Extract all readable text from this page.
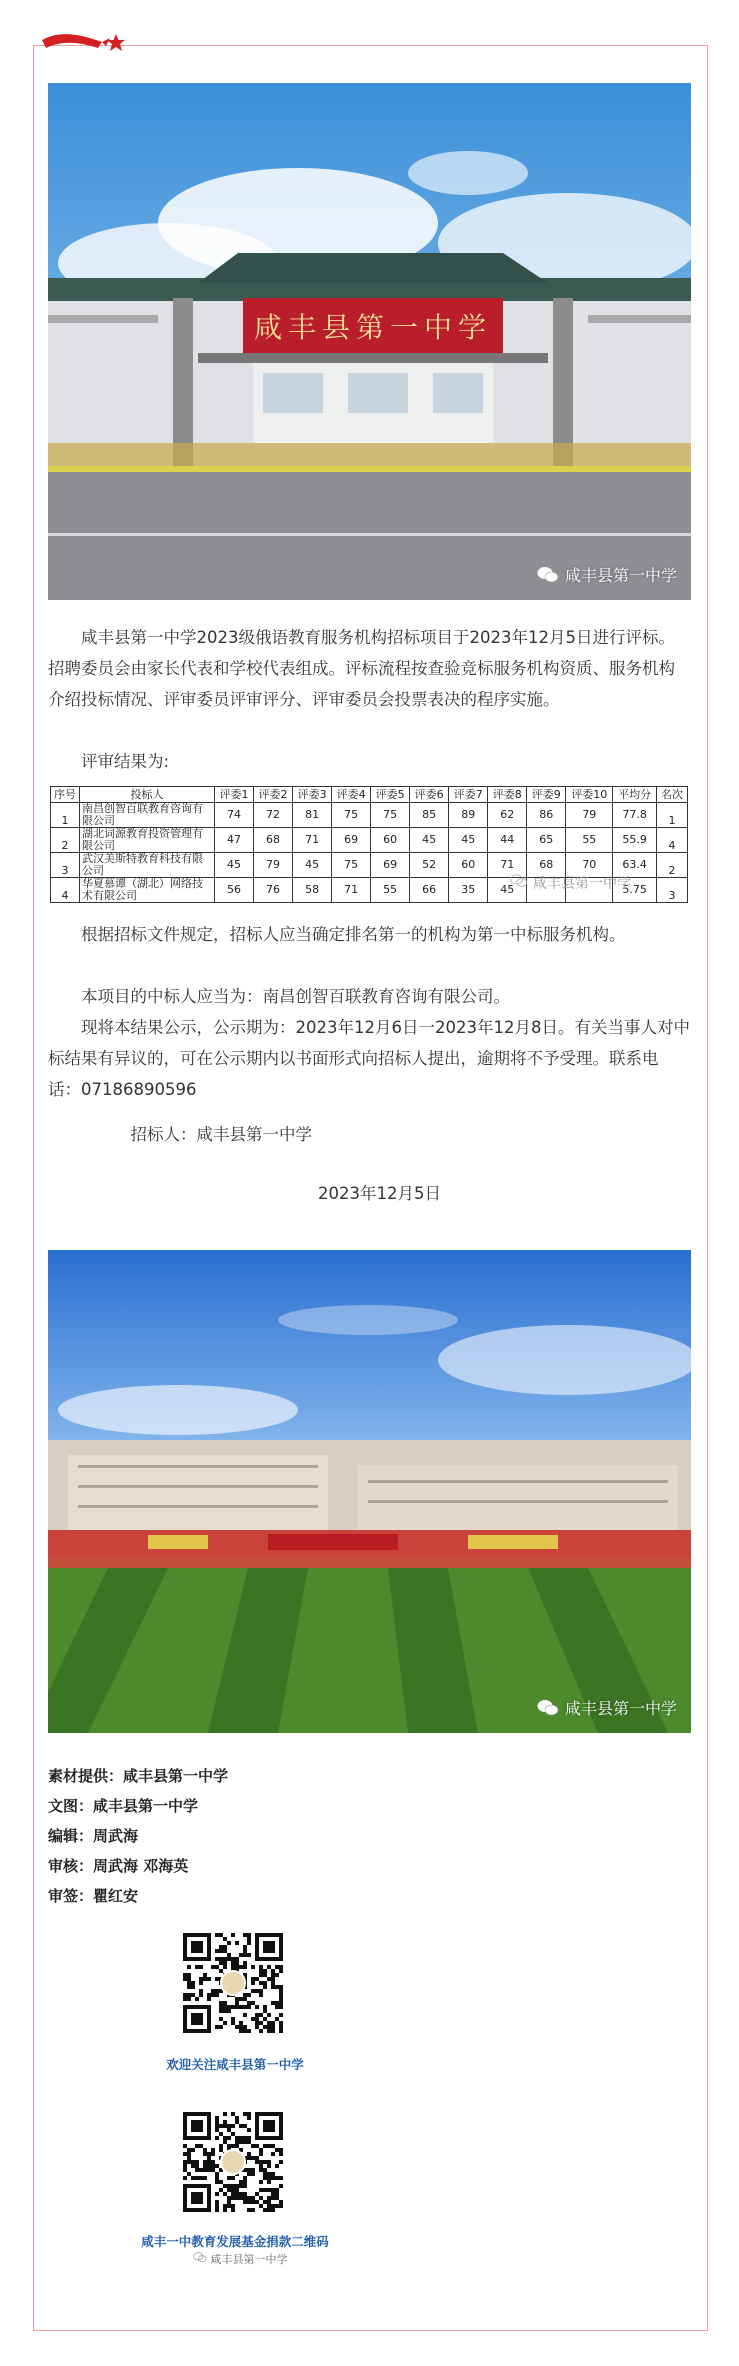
咸丰县第一中学
咸丰县第一中学

咸丰县第一中学2023级俄语教育服务机构招标项目于2023年12月5日进行评标。招聘委员会由家长代表和学校代表组成。评标流程按查验竞标服务机构资质、服务机构介绍投标情况、评审委员评审评分、评审委员会投票表决的程序实施。

评审结果为:

序号	投标人	评委1	评委2	评委3	评委4	评委5	评委6	评委7	评委8	评委9	评委10	平均分	名次
1	南昌创智百联教育咨询有限公司	74	72	81	75	75	85	89	62	86	79	77.8	1
2	湖北词源教育投资管理有限公司	47	68	71	69	60	45	45	44	65	55	55.9	4
3	武汉美斯特教育科技有限公司	45	79	45	75	69	52	60	71	68	70	63.4	2
4	华夏慕谭（湖北）网络技术有限公司	56	76	58	71	55	66	35	45			5.75	3
咸丰县第一中学

根据招标文件规定，招标人应当确定排名第一的机构为第一中标服务机构。

本项目的中标人应当为：南昌创智百联教育咨询有限公司。

现将本结果公示，公示期为：2023年12月6日一2023年12月8日。有关当事人对中标结果有异议的，可在公示期内以书面形式向招标人提出，逾期将不予受理。联系电话：07186890596

招标人：咸丰县第一中学

2023年12月5日

咸丰县第一中学
素材提供：咸丰县第一中学
文图：咸丰县第一中学
编辑：周武海
审核：周武海 邓海英
审签：瞿红安
欢迎关注咸丰县第一中学
咸丰一中教育发展基金捐款二维码
咸丰县第一中学
